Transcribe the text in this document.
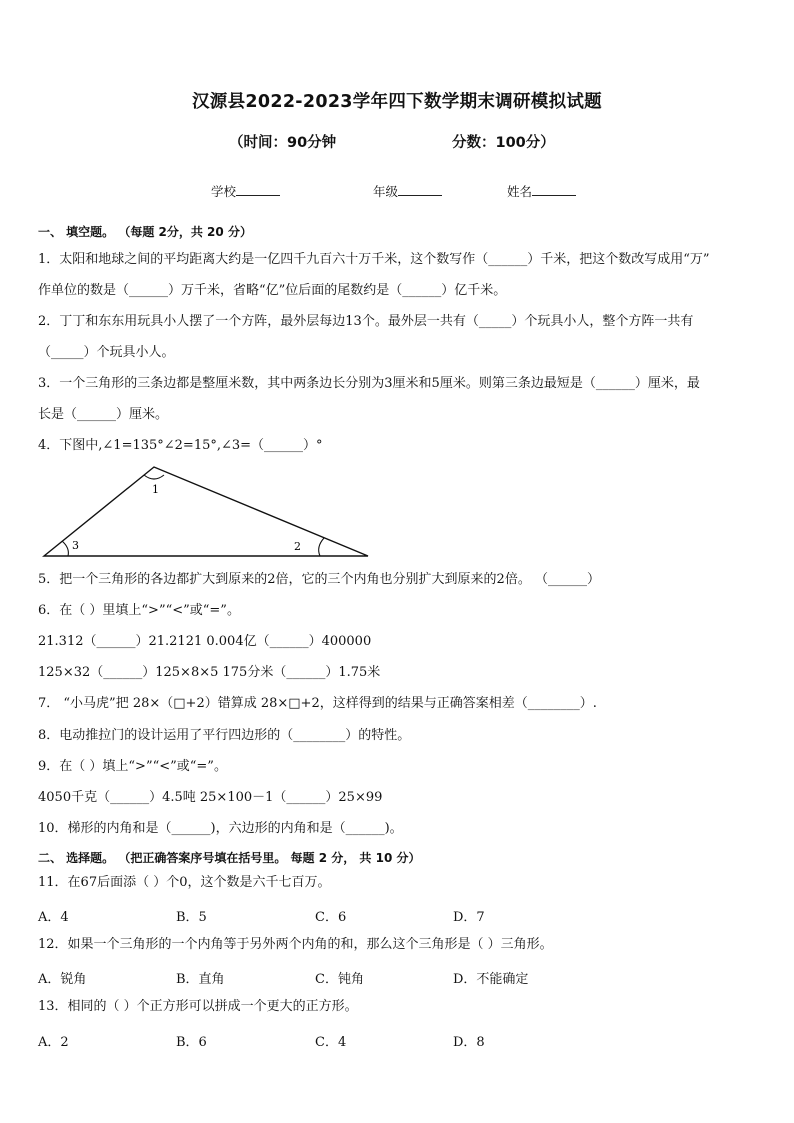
汉源县2022-2023学年四下数学期末调研模拟试题
（时间：90分钟	分数：100分）
学校	年级	姓名
一、 填空题。 （每题 2分，共 20 分）
1．太阳和地球之间的平均距离大约是一亿四千九百六十万千米，这个数写作（______）千米，把这个数改写成用“万”
作单位的数是（______）万千米，省略“亿”位后面的尾数约是（______）亿千米。
2．丁丁和东东用玩具小人摆了一个方阵，最外层每边13个。最外层一共有（_____）个玩具小人，整个方阵一共有
（_____）个玩具小人。
3．一个三角形的三条边都是整厘米数，其中两条边长分别为3厘米和5厘米。则第三条边最短是（______）厘米，最
长是（______）厘米。
4．下图中,∠1=135°∠2=15°,∠3=（______）°
1
3	2
5．把一个三角形的各边都扩大到原来的2倍，它的三个内角也分别扩大到原来的2倍。 （______）
6．在（ ）里填上“>”“<”或“=”。
21.312（______）21.2121 0.004亿（______）400000
125×32（______）125×8×5 175分米（______）1.75米
7． “小马虎”把 28×（□+2）错算成 28×□+2，这样得到的结果与正确答案相差（________）.
8．电动推拉门的设计运用了平行四边形的（________）的特性。
9．在（ ）填上“>”“<”或“=”。
4050千克（______）4.5吨 25×100－1（______）25×99
10．梯形的内角和是（______)，六边形的内角和是（______)。
二、 选择题。 （把正确答案序号填在括号里。 每题 2 分， 共 10 分）
11．在67后面添（ ）个0，这个数是六千七百万。
A．4	B．5	C．6	D．7
12．如果一个三角形的一个内角等于另外两个内角的和，那么这个三角形是（ ）三角形。
A．锐角	B．直角	C．钝角	D．不能确定
13．相同的（ ）个正方形可以拼成一个更大的正方形。
A．2	B．6	C．4	D．8
